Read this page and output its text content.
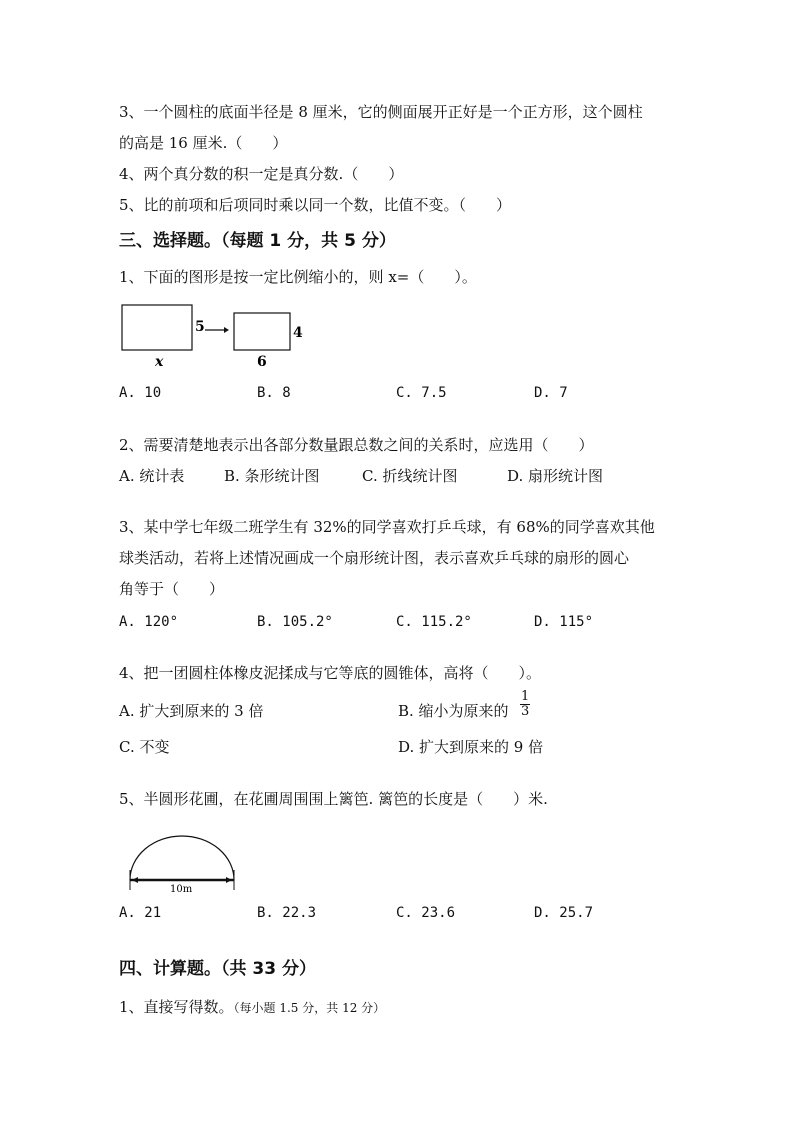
3、一个圆柱的底面半径是 8 厘米，它的侧面展开正好是一个正方形，这个圆柱
的高是 16 厘米.（　　）
4、两个真分数的积一定是真分数.（　　）
5、比的前项和后项同时乘以同一个数，比值不变。（　　）
三、选择题。（每题 1 分，共 5 分）
1、下面的图形是按一定比例缩小的，则 x=（　　）。
5	4
6
x
A. 10	B. 8	C. 7.5	D. 7
2、需要清楚地表示出各部分数量跟总数之间的关系时，应选用（　　）
A. 统计表	B. 条形统计图	C. 折线统计图	D. 扇形统计图
3、某中学七年级二班学生有 32%的同学喜欢打乒乓球，有 68%的同学喜欢其他
球类活动，若将上述情况画成一个扇形统计图，表示喜欢乒乓球的扇形的圆心
角等于（　　）
A. 120°	B. 105.2°	C. 115.2°	D. 115°
4、把一团圆柱体橡皮泥揉成与它等底的圆锥体，高将（　　）。
A. 扩大到原来的 3 倍	B. 缩小为原来的 $\frac{1}{3}$
C. 不变	D. 扩大到原来的 9 倍
5、半圆形花圃，在花圃周围围上篱笆. 篱笆的长度是（　　）米.
10m
A. 21	B. 22.3	C. 23.6	D. 25.7
四、计算题。（共 33 分）
1、直接写得数。（每小题 1.5 分，共 12 分）
